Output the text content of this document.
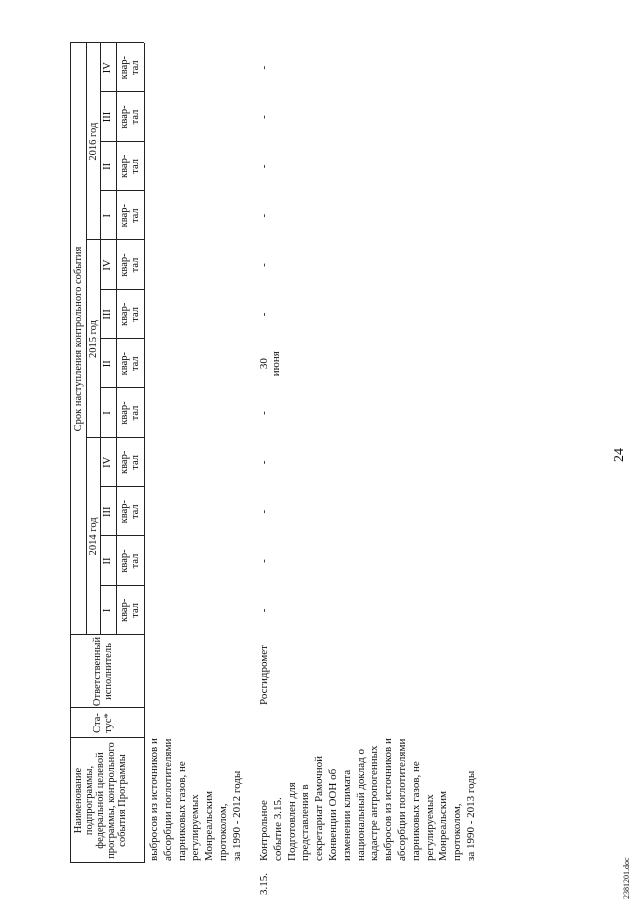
24
2381201.doc
Наименование подпрограммы, федеральной целевой программы, контрольного события Программы
Ста- тус*
Ответственный исполнитель
Срок наступления контрольного события
2014 год
2015 год
2016 год
I квар- тал
II квар- тал
III квар- тал
IV квар- тал
I квар- тал
II квар- тал
III квар- тал
IV квар- тал
I квар- тал
II квар- тал
III квар- тал
IV квар- тал
выбросов из источников и абсорбции поглотителями парниковых газов, не регулируемых Монреальским протоколом, за 1990 - 2012 годы
3.15.
Контрольное событие 3.15. Подготовлен для представления в секретариат Рамочной Конвенции ООН об изменении климата национальный доклад о кадастре антропогенных выбросов из источников и абсорбции поглотителями парниковых газов, не регулируемых Монреальским протоколом, за 1990 - 2013 годы
Росгидромет
-
-
-
-
-
30 июня
-
-
-
-
-
-
